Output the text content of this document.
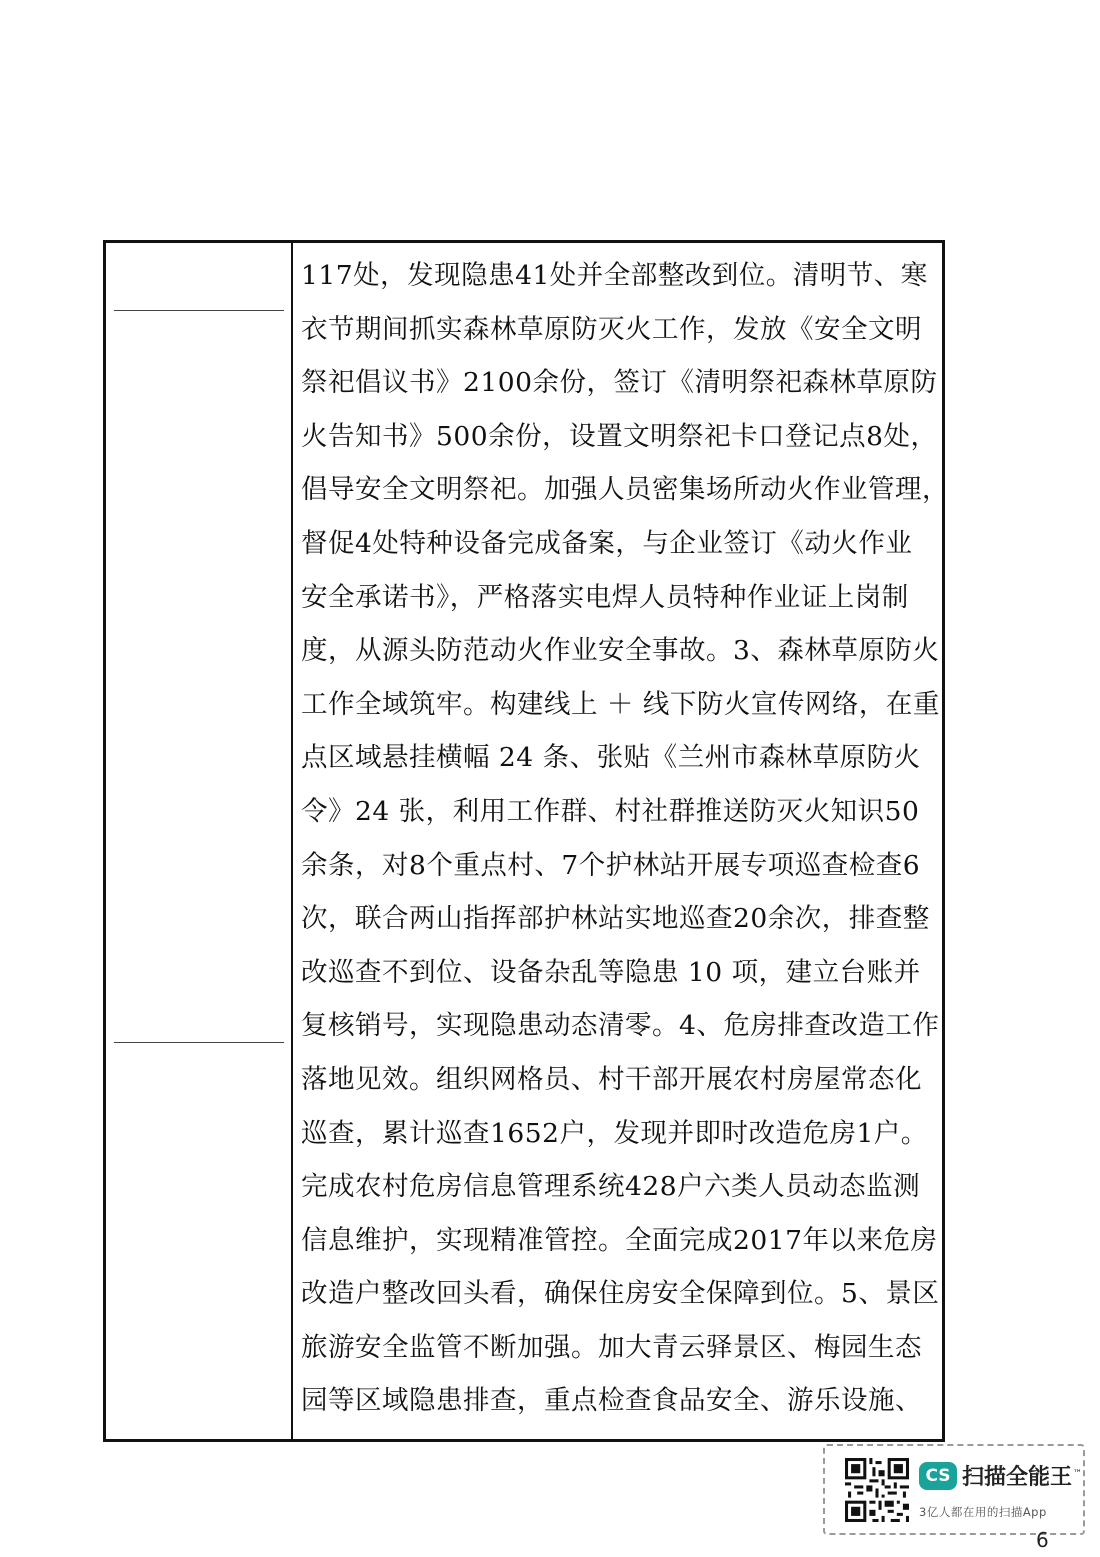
117处，发现隐患41处并全部整改到位。清明节、寒
衣节期间抓实森林草原防灭火工作，发放《安全文明
祭祀倡议书》2100余份，签订《清明祭祀森林草原防
火告知书》500余份，设置文明祭祀卡口登记点8处，
倡导安全文明祭祀。加强人员密集场所动火作业管理，
督促4处特种设备完成备案，与企业签订《动火作业
安全承诺书》，严格落实电焊人员特种作业证上岗制
度，从源头防范动火作业安全事故。3、森林草原防火
工作全域筑牢。构建线上 ＋ 线下防火宣传网络，在重
点区域悬挂横幅 24 条、张贴《兰州市森林草原防火
令》24 张，利用工作群、村社群推送防灭火知识50
余条，对8个重点村、7个护林站开展专项巡查检查6
次，联合两山指挥部护林站实地巡查20余次，排查整
改巡查不到位、设备杂乱等隐患 10 项，建立台账并
复核销号，实现隐患动态清零。4、危房排查改造工作
落地见效。组织网格员、村干部开展农村房屋常态化
巡查，累计巡查1652户，发现并即时改造危房1户。
完成农村危房信息管理系统428户六类人员动态监测
信息维护，实现精准管控。全面完成2017年以来危房
改造户整改回头看，确保住房安全保障到位。5、景区
旅游安全监管不断加强。加大青云驿景区、梅园生态
园等区域隐患排查，重点检查食品安全、游乐设施、
CS 扫描全能王™
3亿人都在用的扫描App
6
